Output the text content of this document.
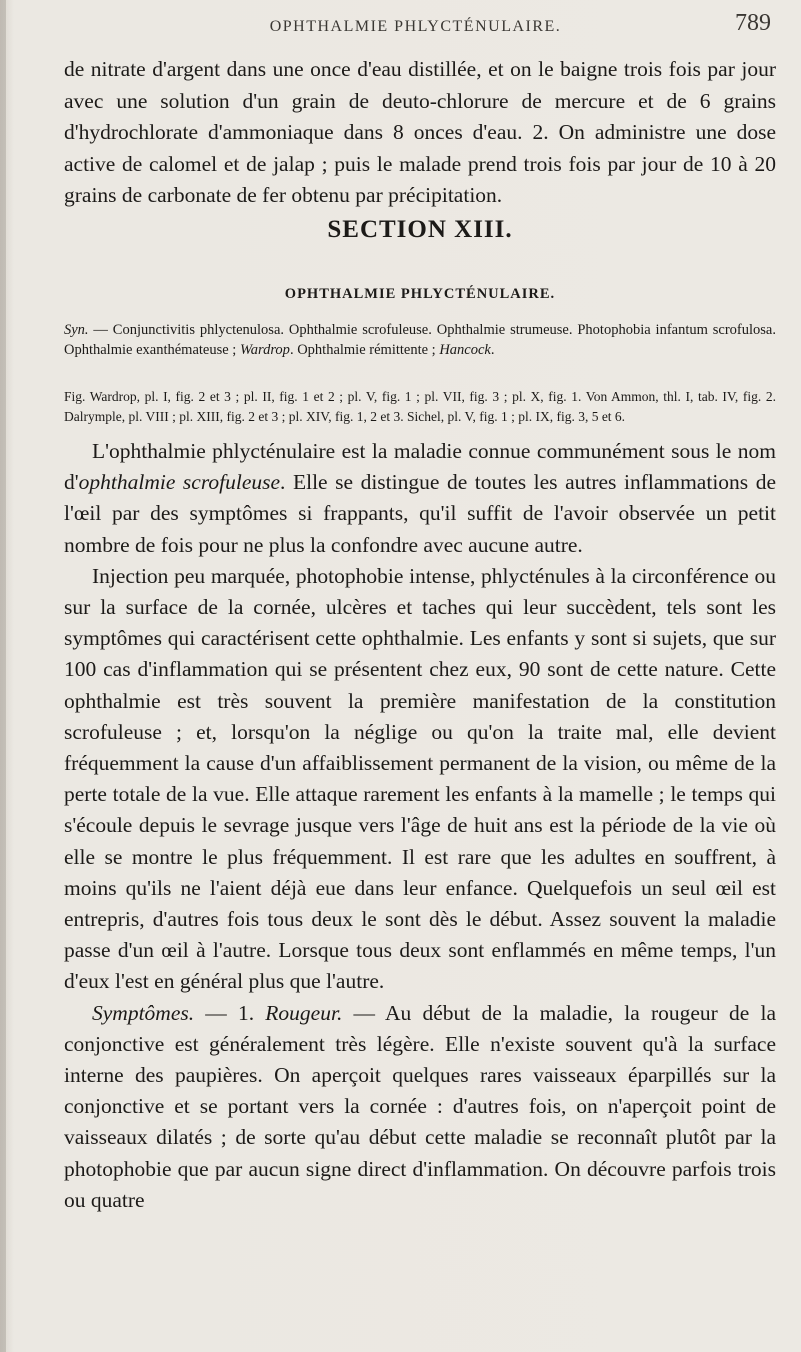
OPHTHALMIE PHLYCTÉNULAIRE.	789

de nitrate d'argent dans une once d'eau distillée, et on le baigne trois fois par jour avec une solution d'un grain de deuto-chlorure de mercure et de 6 grains d'hydrochlorate d'ammoniaque dans 8 onces d'eau. 2. On administre une dose active de calomel et de jalap ; puis le malade prend trois fois par jour de 10 à 20 grains de carbonate de fer obtenu par précipitation.

SECTION XIII.
OPHTHALMIE PHLYCTÉNULAIRE.

Syn. — Conjunctivitis phlyctenulosa. Ophthalmie scrofuleuse. Ophthalmie strumeuse. Photophobia infantum scrofulosa. Ophthalmie exanthémateuse ; Wardrop. Ophthalmie rémittente ; Hancock.

Fig. Wardrop, pl. I, fig. 2 et 3 ; pl. II, fig. 1 et 2 ; pl. V, fig. 1 ; pl. VII, fig. 3 ; pl. X, fig. 1. Von Ammon, thl. I, tab. IV, fig. 2. Dalrymple, pl. VIII ; pl. XIII, fig. 2 et 3 ; pl. XIV, fig. 1, 2 et 3. Sichel, pl. V, fig. 1 ; pl. IX, fig. 3, 5 et 6.

L'ophthalmie phlycténulaire est la maladie connue communément sous le nom d'ophthalmie scrofuleuse. Elle se distingue de toutes les autres inflammations de l'œil par des symptômes si frappants, qu'il suffit de l'avoir observée un petit nombre de fois pour ne plus la confondre avec aucune autre.

Injection peu marquée, photophobie intense, phlycténules à la circonférence ou sur la surface de la cornée, ulcères et taches qui leur succèdent, tels sont les symptômes qui caractérisent cette ophthalmie. Les enfants y sont si sujets, que sur 100 cas d'inflammation qui se présentent chez eux, 90 sont de cette nature. Cette ophthalmie est très souvent la première manifestation de la constitution scrofuleuse ; et, lorsqu'on la néglige ou qu'on la traite mal, elle devient fréquemment la cause d'un affaiblissement permanent de la vision, ou même de la perte totale de la vue. Elle attaque rarement les enfants à la mamelle ; le temps qui s'écoule depuis le sevrage jusque vers l'âge de huit ans est la période de la vie où elle se montre le plus fréquemment. Il est rare que les adultes en souffrent, à moins qu'ils ne l'aient déjà eue dans leur enfance. Quelquefois un seul œil est entrepris, d'autres fois tous deux le sont dès le début. Assez souvent la maladie passe d'un œil à l'autre. Lorsque tous deux sont enflammés en même temps, l'un d'eux l'est en général plus que l'autre.

Symptômes. — 1. Rougeur. — Au début de la maladie, la rougeur de la conjonctive est généralement très légère. Elle n'existe souvent qu'à la surface interne des paupières. On aperçoit quelques rares vaisseaux éparpillés sur la conjonctive et se portant vers la cornée : d'autres fois, on n'aperçoit point de vaisseaux dilatés ; de sorte qu'au début cette maladie se reconnaît plutôt par la photophobie que par aucun signe direct d'inflammation. On découvre parfois trois ou quatre
